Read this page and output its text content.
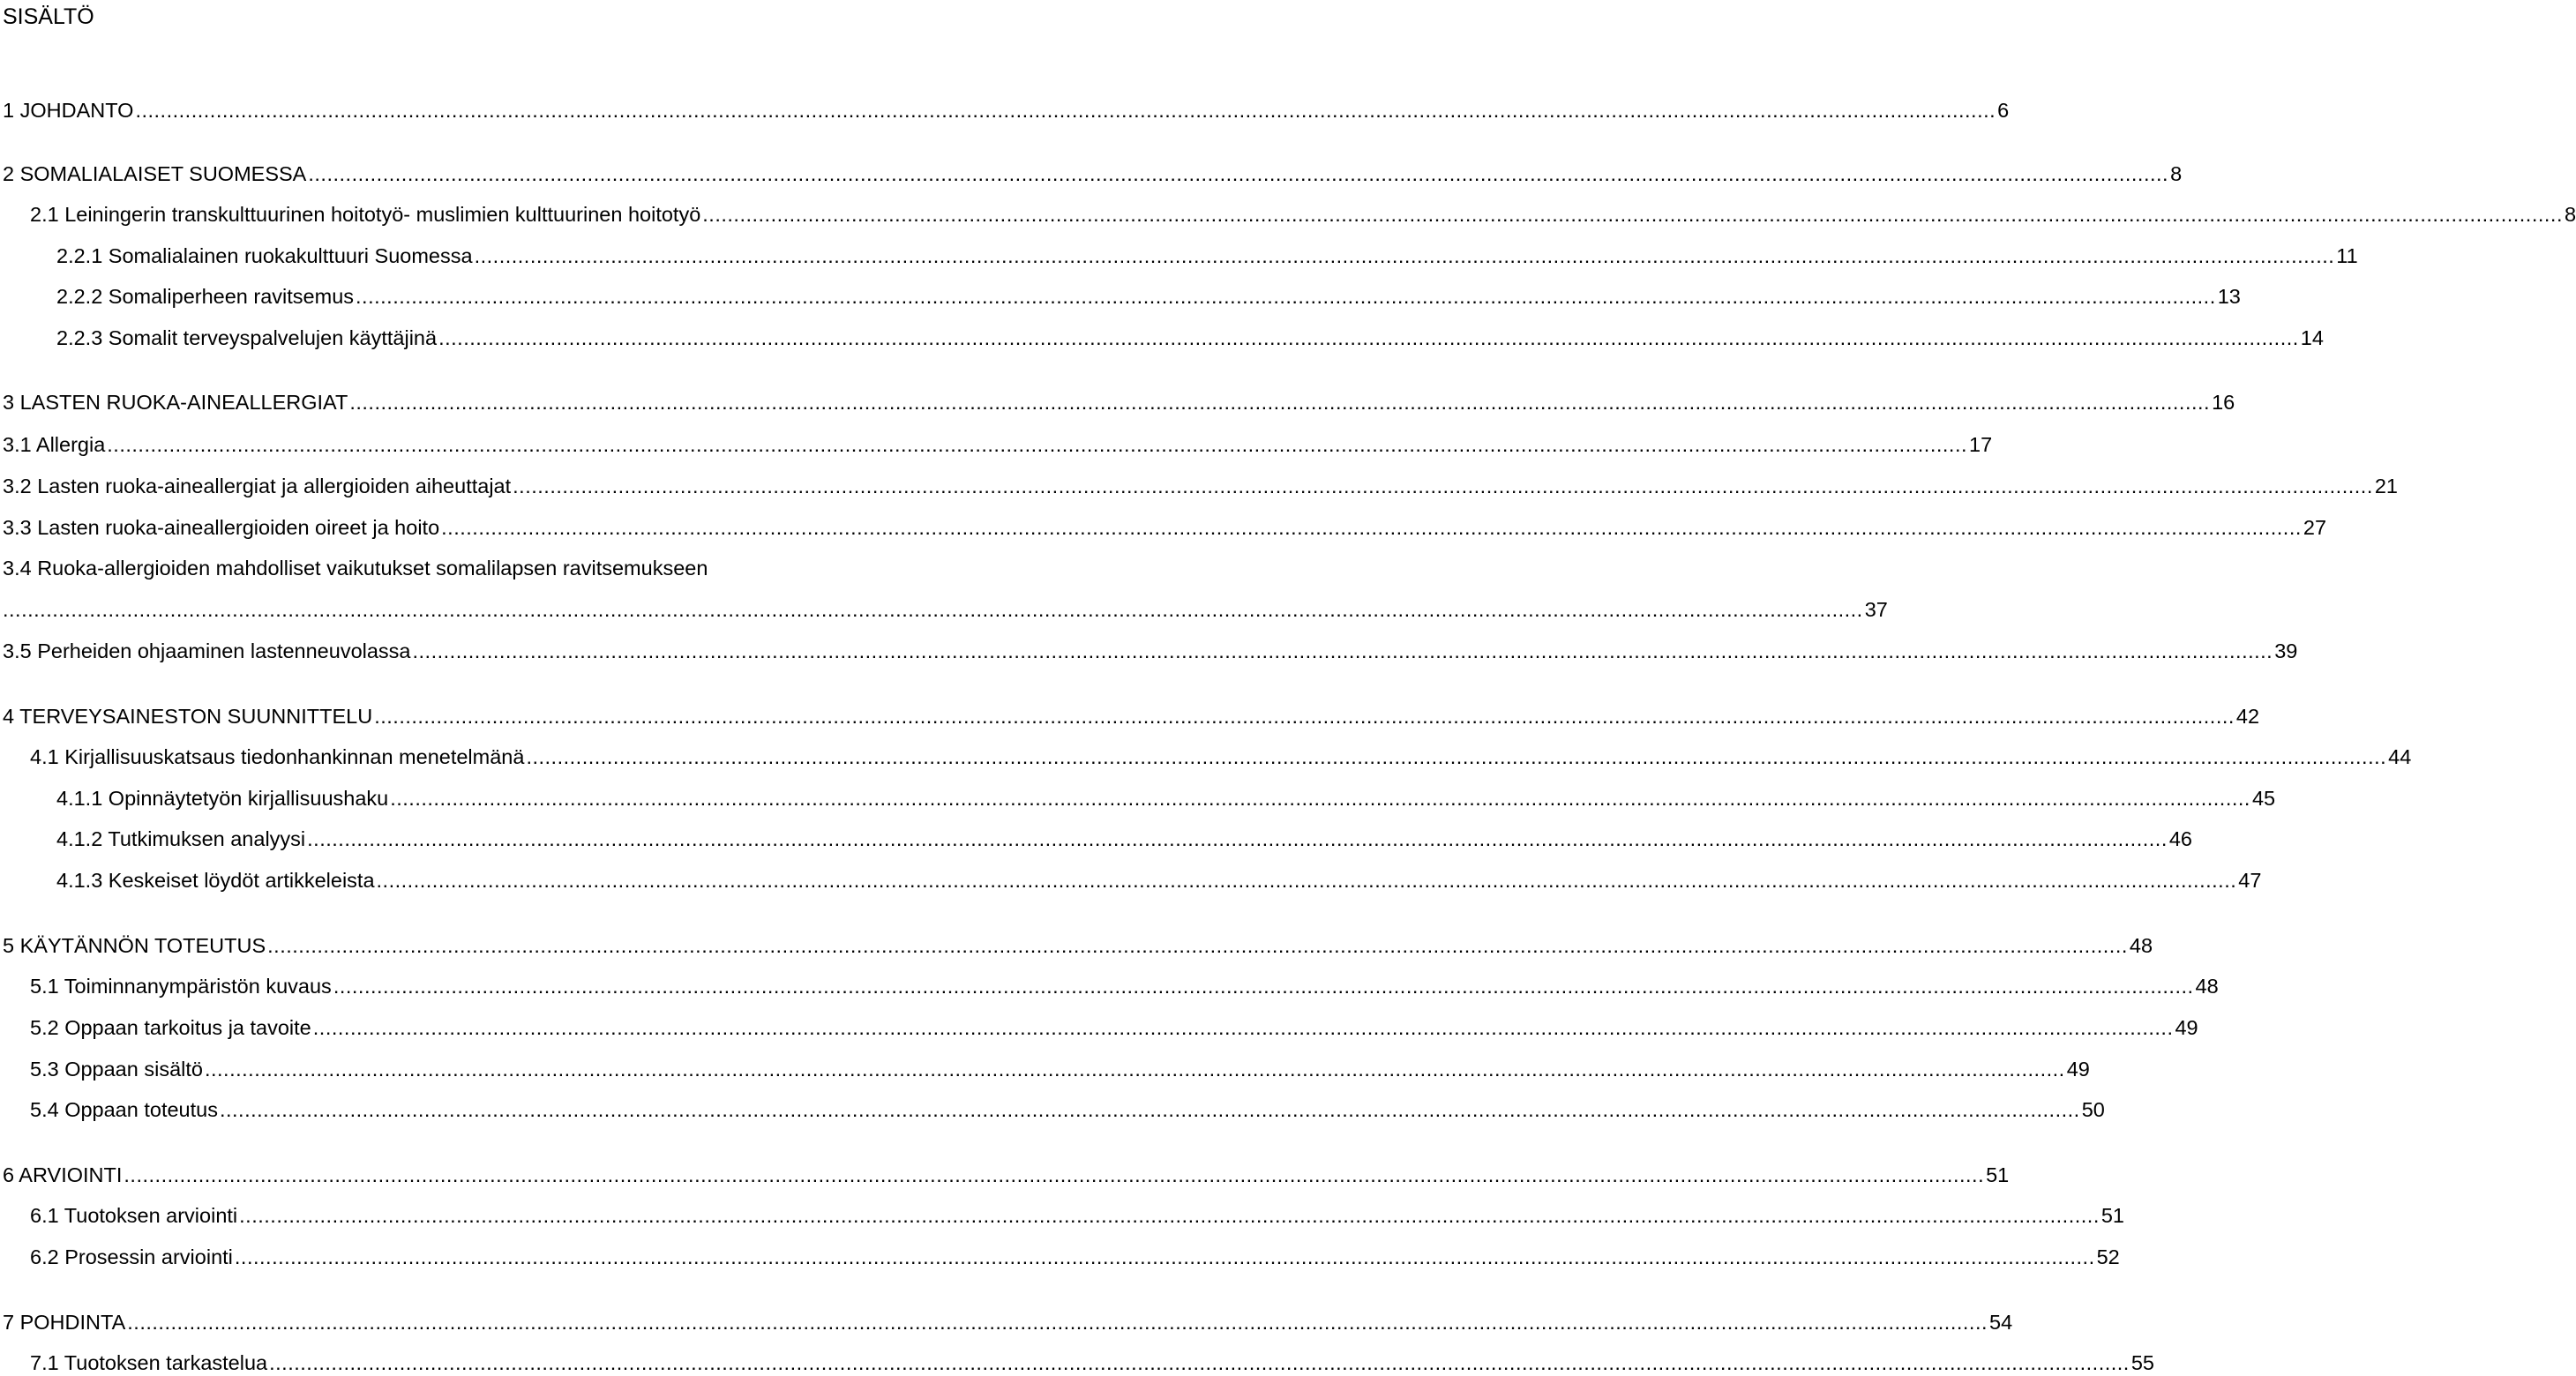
SISÄLTÖ
1 JOHDANTO ............................................................................................................................................................................................................................................................................................................ 6
2 SOMALIALAISET SUOMESSA ............................................................................................................................................................................................................................................................................................................ 8
2.1 Leiningerin transkulttuurinen hoitotyö- muslimien kulttuurinen hoitotyö ............................................................................................................................................................................................................................................................................................................ 8
2.2.1 Somalialainen ruokakulttuuri Suomessa ............................................................................................................................................................................................................................................................................................................ 11
2.2.2 Somaliperheen ravitsemus ............................................................................................................................................................................................................................................................................................................ 13
2.2.3 Somalit terveyspalvelujen käyttäjinä ............................................................................................................................................................................................................................................................................................................ 14
3 LASTEN RUOKA-AINEALLERGIAT ............................................................................................................................................................................................................................................................................................................ 16
3.1 Allergia ............................................................................................................................................................................................................................................................................................................ 17
3.2 Lasten ruoka-aineallergiat ja allergioiden aiheuttajat ............................................................................................................................................................................................................................................................................................................ 21
3.3 Lasten ruoka-aineallergioiden oireet ja hoito ............................................................................................................................................................................................................................................................................................................ 27
3.4 Ruoka-allergioiden mahdolliset vaikutukset somalilapsen ravitsemukseen
............................................................................................................................................................................................................................................................................................................ 37
3.5 Perheiden ohjaaminen lastenneuvolassa ............................................................................................................................................................................................................................................................................................................ 39
4 TERVEYSAINESTON SUUNNITTELU ............................................................................................................................................................................................................................................................................................................ 42
4.1 Kirjallisuuskatsaus tiedonhankinnan menetelmänä ............................................................................................................................................................................................................................................................................................................ 44
4.1.1 Opinnäytetyön kirjallisuushaku ............................................................................................................................................................................................................................................................................................................ 45
4.1.2 Tutkimuksen analyysi ............................................................................................................................................................................................................................................................................................................ 46
4.1.3 Keskeiset löydöt artikkeleista ............................................................................................................................................................................................................................................................................................................ 47
5 KÄYTÄNNÖN TOTEUTUS ............................................................................................................................................................................................................................................................................................................ 48
5.1 Toiminnanympäristön kuvaus ............................................................................................................................................................................................................................................................................................................ 48
5.2 Oppaan tarkoitus ja tavoite ............................................................................................................................................................................................................................................................................................................ 49
5.3 Oppaan sisältö ............................................................................................................................................................................................................................................................................................................ 49
5.4 Oppaan toteutus ............................................................................................................................................................................................................................................................................................................ 50
6 ARVIOINTI ............................................................................................................................................................................................................................................................................................................ 51
6.1 Tuotoksen arviointi ............................................................................................................................................................................................................................................................................................................ 51
6.2 Prosessin arviointi ............................................................................................................................................................................................................................................................................................................ 52
7 POHDINTA ............................................................................................................................................................................................................................................................................................................ 54
7.1 Tuotoksen tarkastelua ............................................................................................................................................................................................................................................................................................................ 55
